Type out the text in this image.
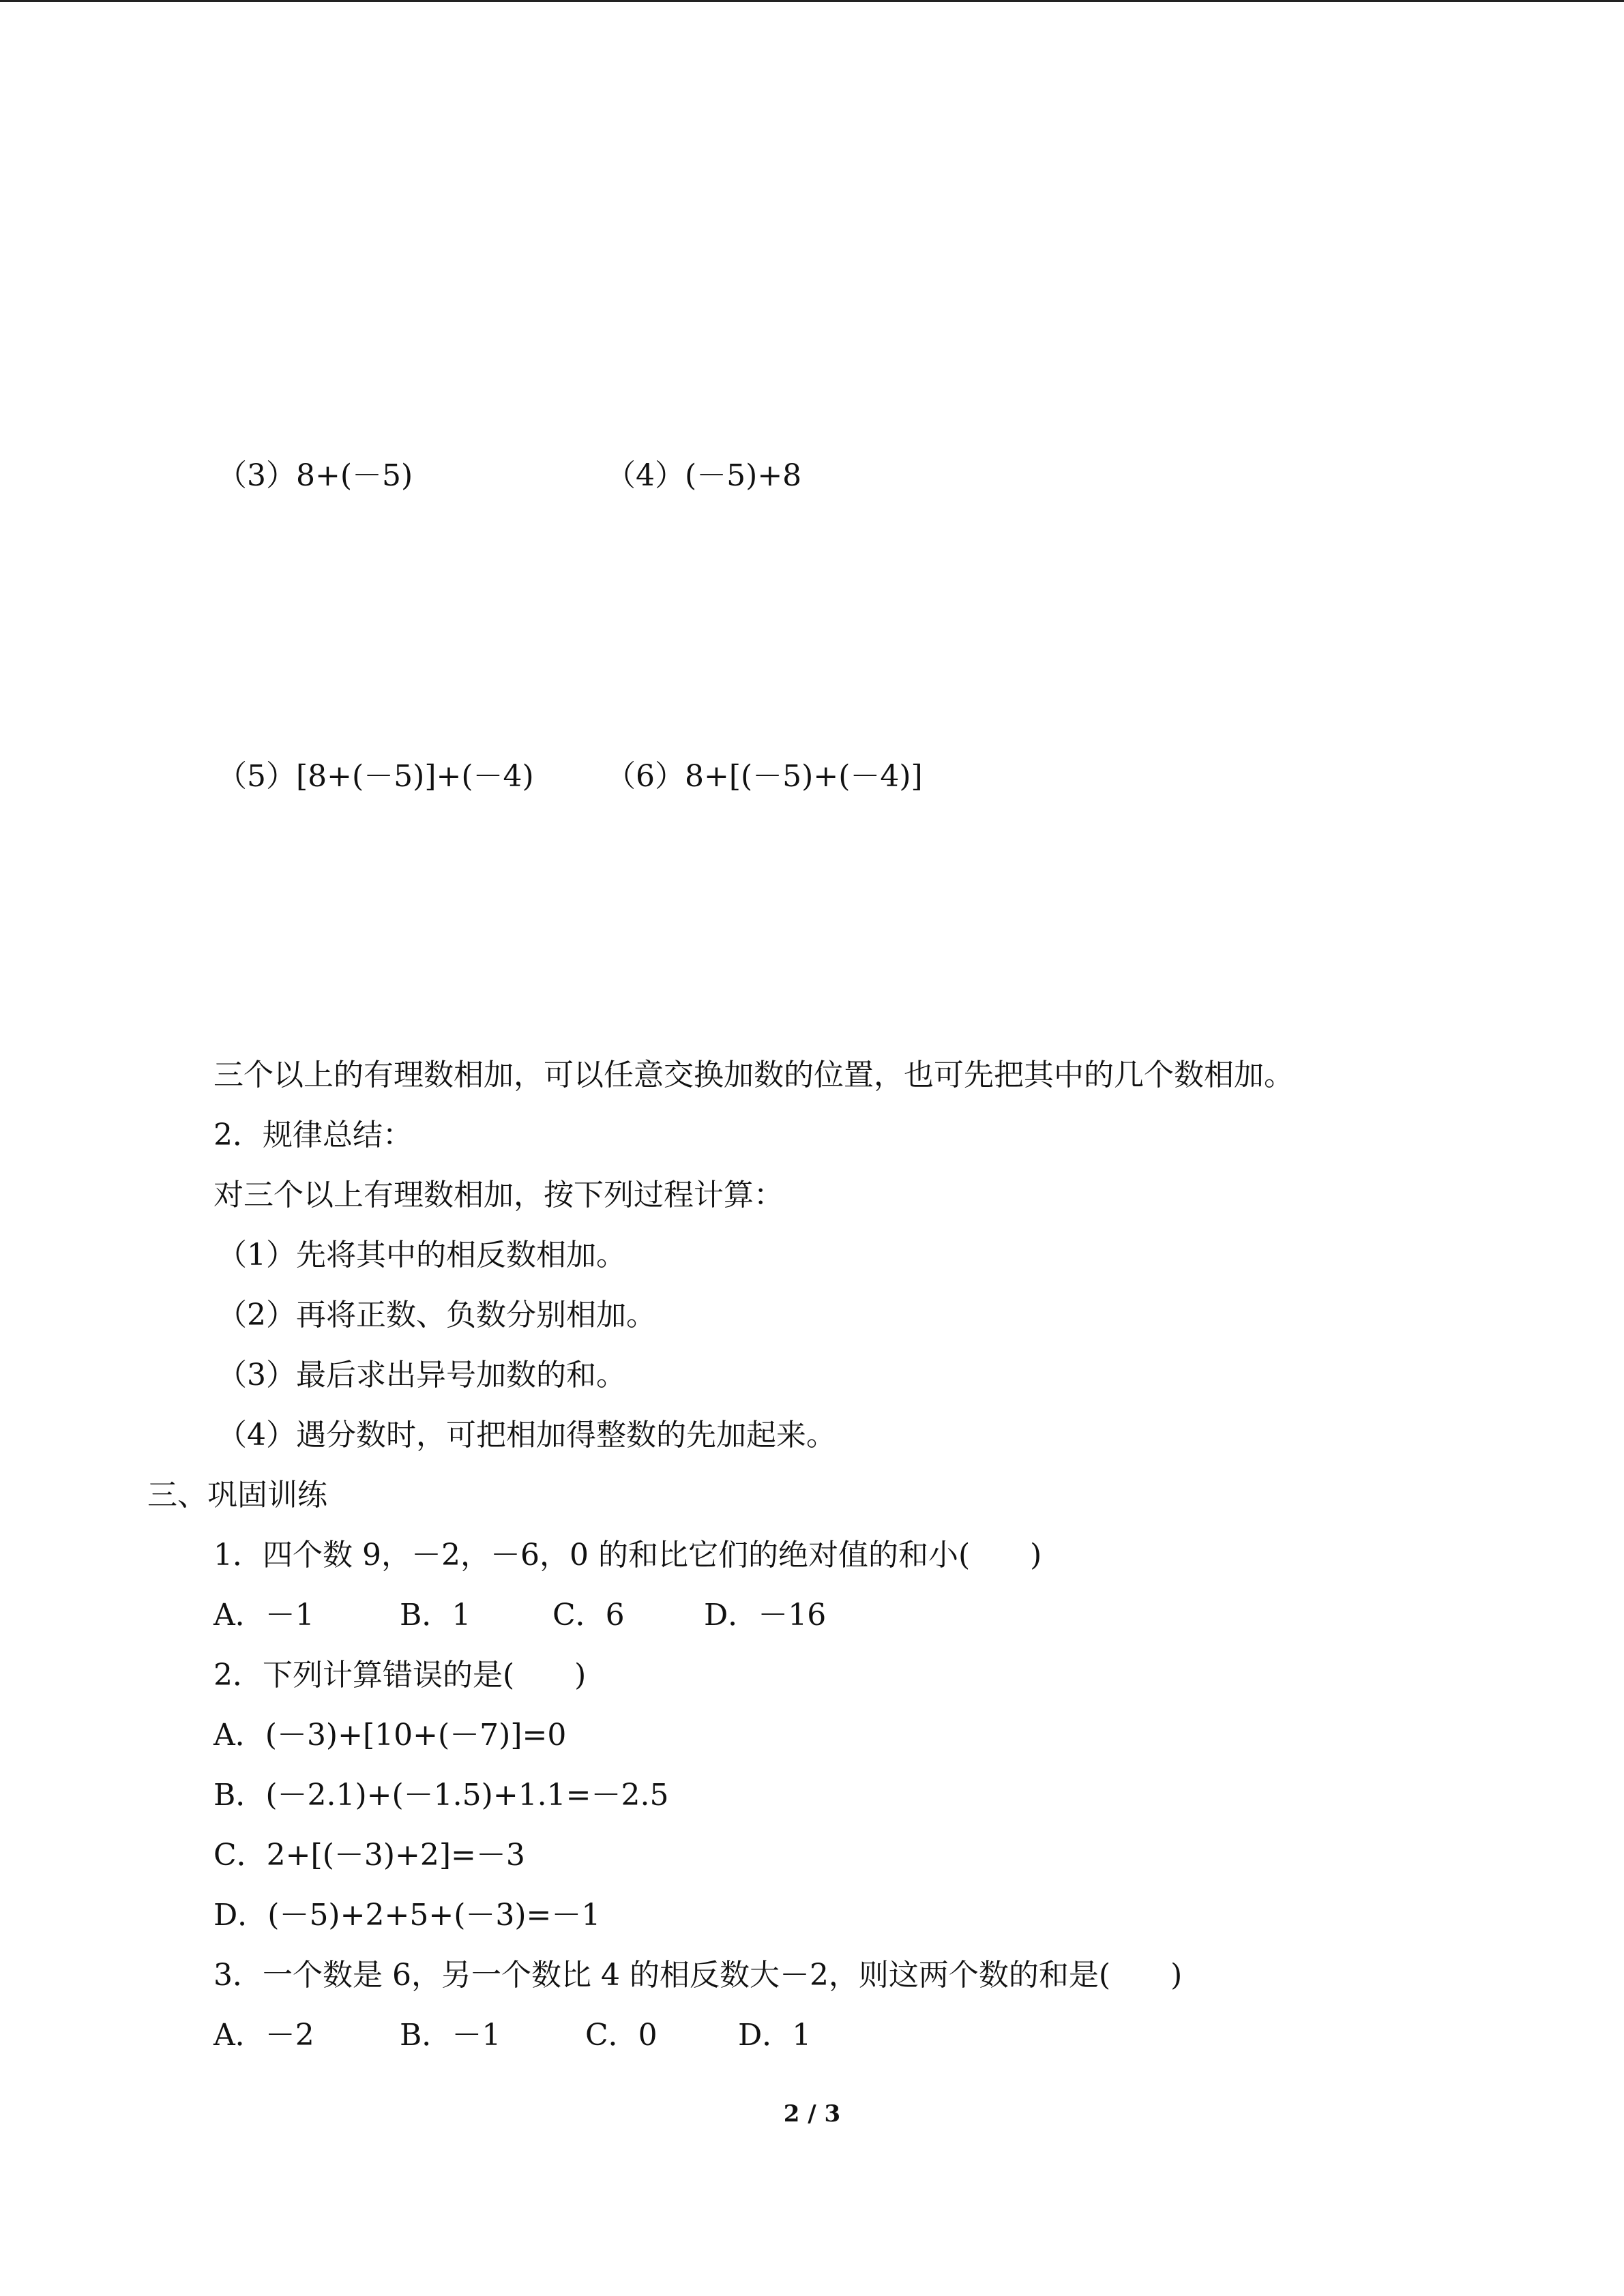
（3）8+(－5)	（4）(－5)+8
（5）[8+(－5)]+(－4) （6）8+[(－5)+(－4)]
三个以上的有理数相加，可以任意交换加数的位置，也可先把其中的几个数相加。
2．规律总结：
对三个以上有理数相加，按下列过程计算：
（1）先将其中的相反数相加。
（2）再将正数、负数分别相加。
（3）最后求出异号加数的和。
（4）遇分数时，可把相加得整数的先加起来。
三、巩固训练
1．四个数 9，－2，－6，0 的和比它们的绝对值的和小(　　)
A．－1	B．1	C．6	D．－16
2．下列计算错误的是(　　)
A．(－3)+[10+(－7)]=0
B．(－2.1)+(－1.5)+1.1=－2.5
C．2+[(－3)+2]=－3
D．(－5)+2+5+(－3)=－1
3．一个数是 6，另一个数比 4 的相反数大－2，则这两个数的和是(　　)
A．－2	B．－1	C．0	D．1
2 / 3
